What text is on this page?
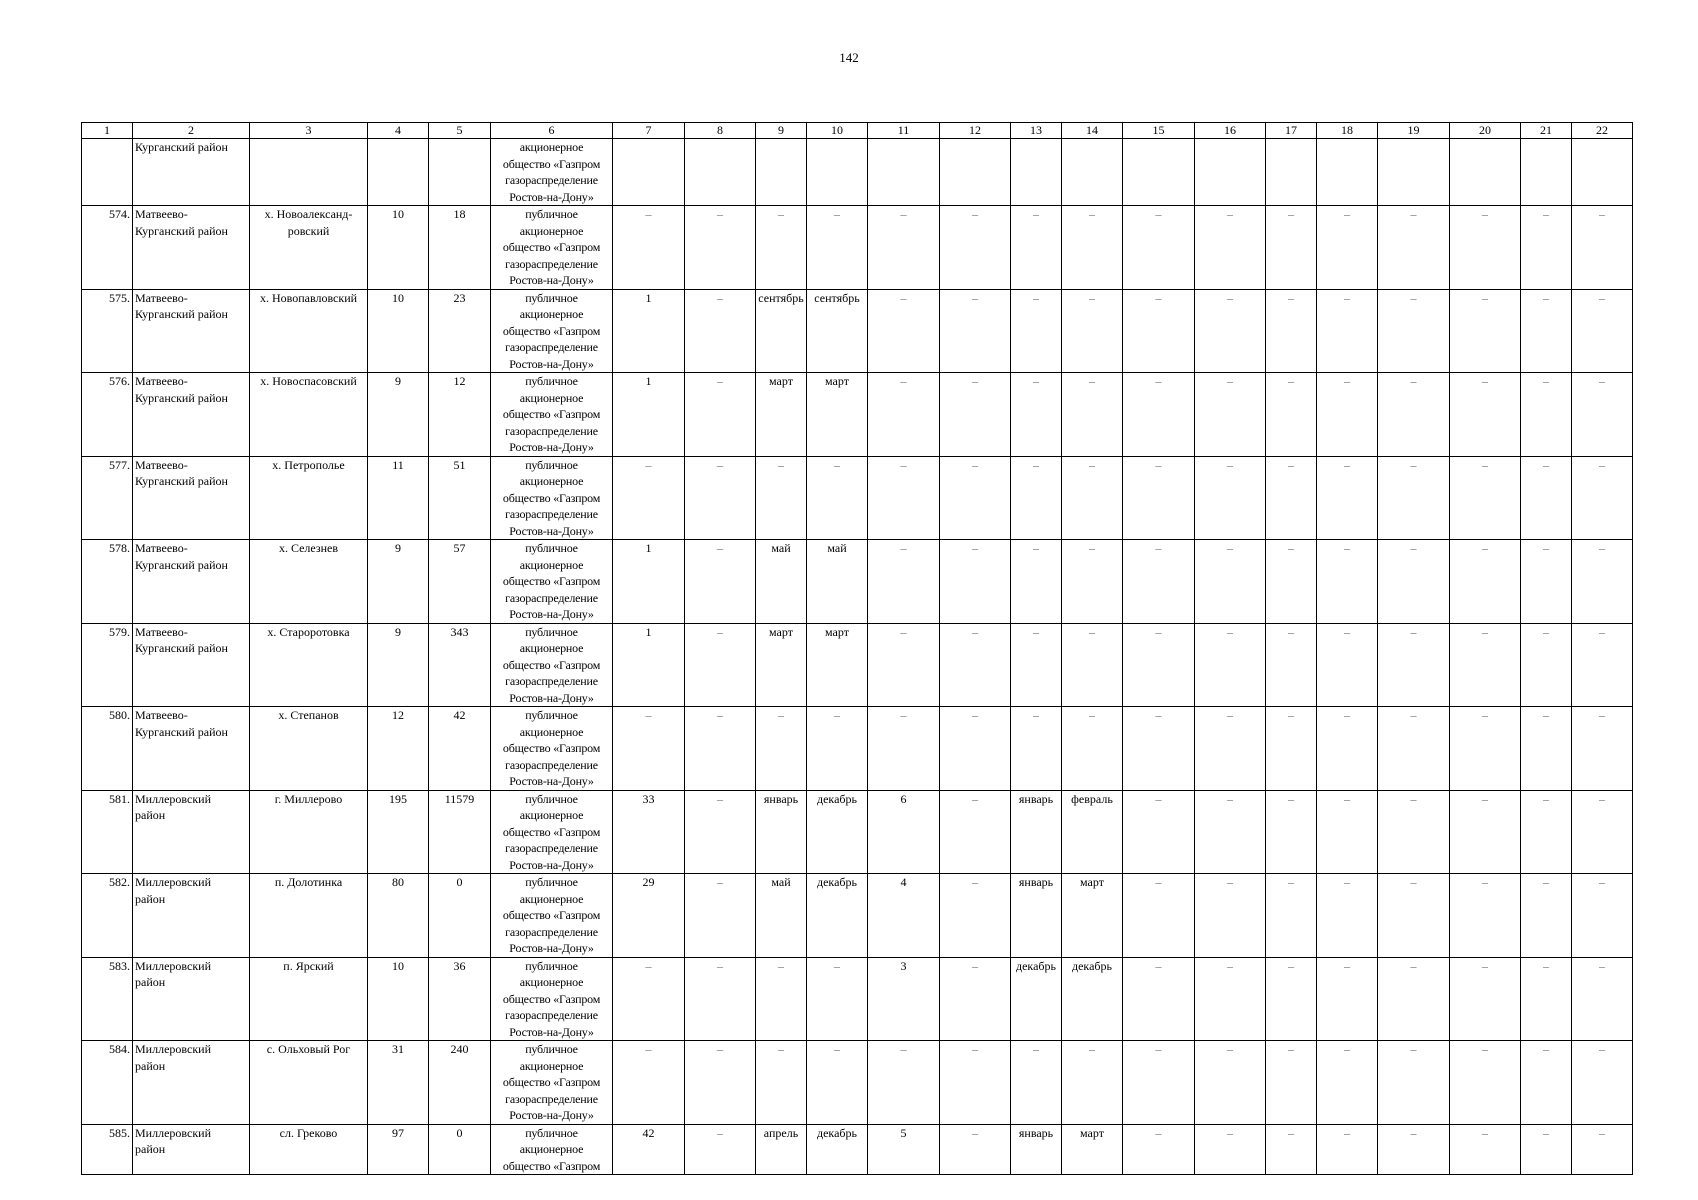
142
1	2	3	4	5	6	7	8	9	10	11	12	13	14	15	16	17	18	19	20	21	22
	Курганский район				акционерное
общество «Газпром
газораспределение
Ростов-на-Дону»																
574.	Матвеево-
Курганский район	х. Новоалександ-
ровский	10	18	публичное
акционерное
общество «Газпром
газораспределение
Ростов-на-Дону»	–	–	–	–	–	–	–	–	–	–	–	–	–	–	–	–
575.	Матвеево-
Курганский район	х. Новопавловский	10	23	публичное
акционерное
общество «Газпром
газораспределение
Ростов-на-Дону»	1	–	сентябрь	сентябрь	–	–	–	–	–	–	–	–	–	–	–	–
576.	Матвеево-
Курганский район	х. Новоспасовский	9	12	публичное
акционерное
общество «Газпром
газораспределение
Ростов-на-Дону»	1	–	март	март	–	–	–	–	–	–	–	–	–	–	–	–
577.	Матвеево-
Курганский район	х. Петрополье	11	51	публичное
акционерное
общество «Газпром
газораспределение
Ростов-на-Дону»	–	–	–	–	–	–	–	–	–	–	–	–	–	–	–	–
578.	Матвеево-
Курганский район	х. Селезнев	9	57	публичное
акционерное
общество «Газпром
газораспределение
Ростов-на-Дону»	1	–	май	май	–	–	–	–	–	–	–	–	–	–	–	–
579.	Матвеево-
Курганский район	х. Староротовка	9	343	публичное
акционерное
общество «Газпром
газораспределение
Ростов-на-Дону»	1	–	март	март	–	–	–	–	–	–	–	–	–	–	–	–
580.	Матвеево-
Курганский район	х. Степанов	12	42	публичное
акционерное
общество «Газпром
газораспределение
Ростов-на-Дону»	–	–	–	–	–	–	–	–	–	–	–	–	–	–	–	–
581.	Миллеровский
район	г. Миллерово	195	11579	публичное
акционерное
общество «Газпром
газораспределение
Ростов-на-Дону»	33	–	январь	декабрь	6	–	январь	февраль	–	–	–	–	–	–	–	–
582.	Миллеровский
район	п. Долотинка	80	0	публичное
акционерное
общество «Газпром
газораспределение
Ростов-на-Дону»	29	–	май	декабрь	4	–	январь	март	–	–	–	–	–	–	–	–
583.	Миллеровский
район	п. Ярский	10	36	публичное
акционерное
общество «Газпром
газораспределение
Ростов-на-Дону»	–	–	–	–	3	–	декабрь	декабрь	–	–	–	–	–	–	–	–
584.	Миллеровский
район	с. Ольховый Рог	31	240	публичное
акционерное
общество «Газпром
газораспределение
Ростов-на-Дону»	–	–	–	–	–	–	–	–	–	–	–	–	–	–	–	–
585.	Миллеровский
район	сл. Греково	97	0	публичное
акционерное
общество «Газпром	42	–	апрель	декабрь	5	–	январь	март	–	–	–	–	–	–	–	–
